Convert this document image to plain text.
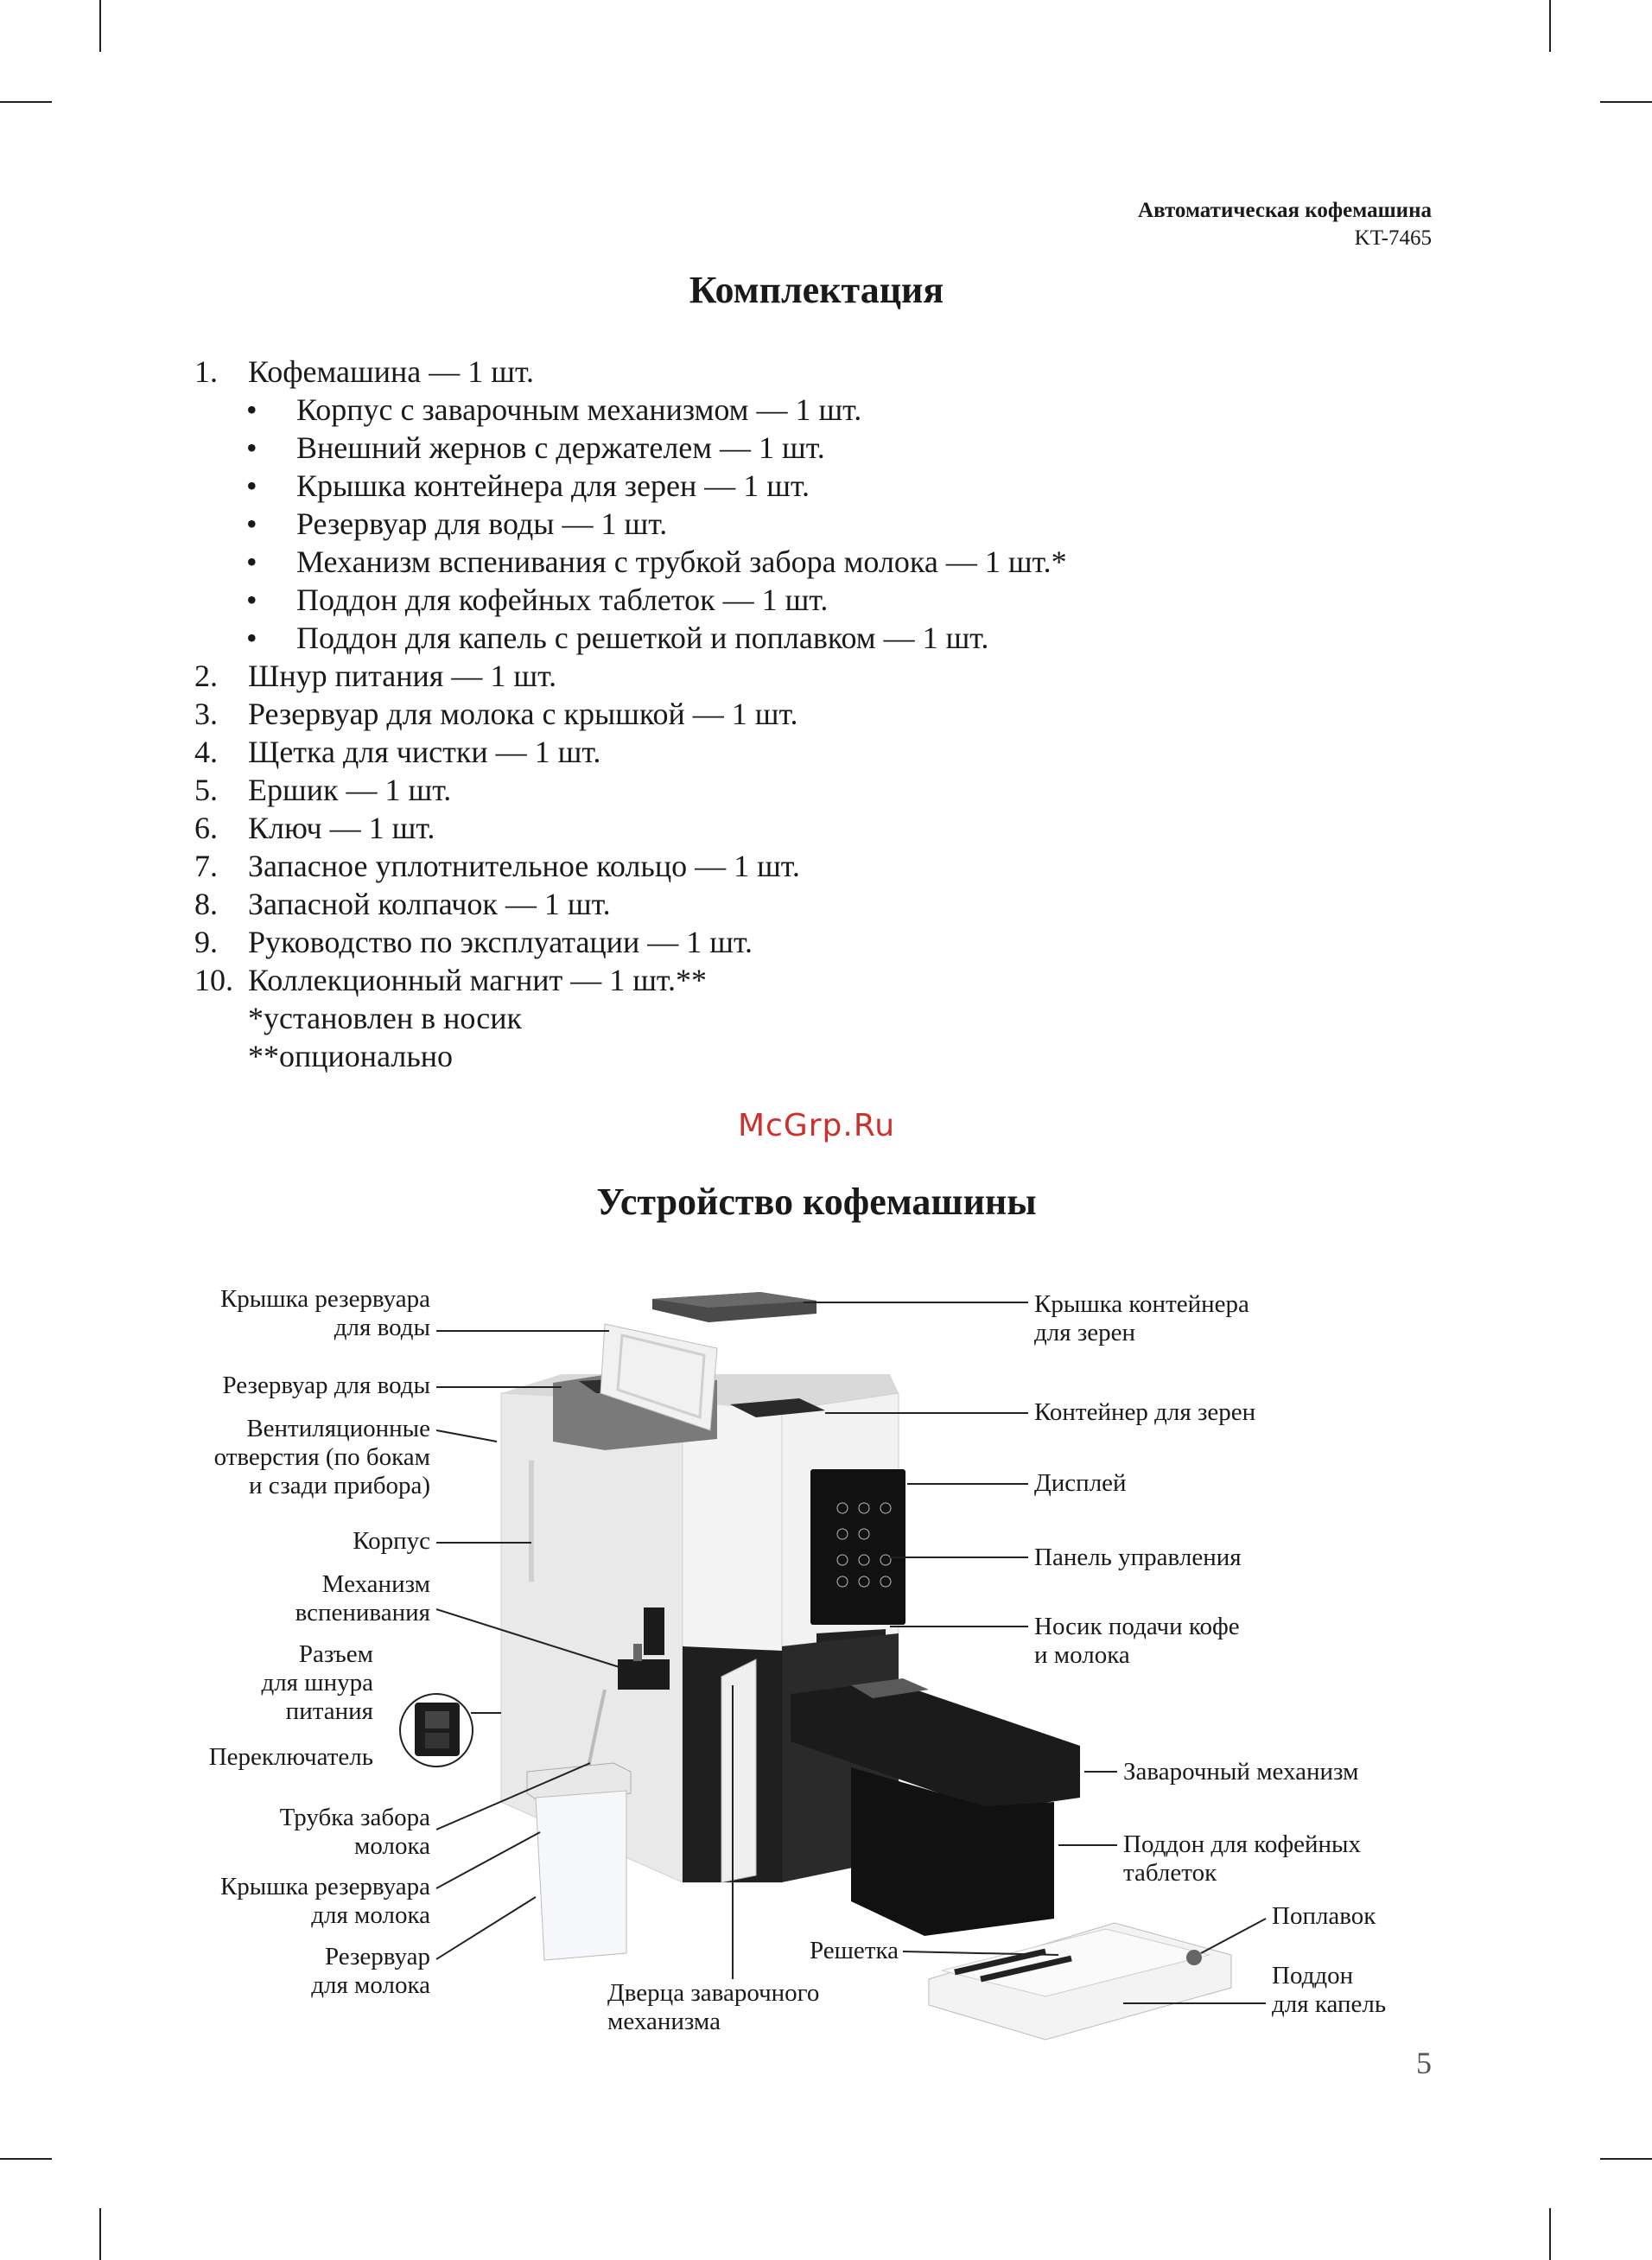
Автоматическая кофемашина
KT-7465
Комплектация
1. Кофемашина — 1 шт.
• Корпус с заварочным механизмом — 1 шт.
• Внешний жернов с держателем — 1 шт.
• Крышка контейнера для зерен — 1 шт.
• Резервуар для воды — 1 шт.
• Механизм вспенивания с трубкой забора молока — 1 шт.*
• Поддон для кофейных таблеток — 1 шт.
• Поддон для капель с решеткой и поплавком — 1 шт.
2. Шнур питания — 1 шт.
3. Резервуар для молока с крышкой — 1 шт.
4. Щетка для чистки — 1 шт.
5. Ершик — 1 шт.
6. Ключ — 1 шт.
7. Запасное уплотнительное кольцо — 1 шт.
8. Запасной колпачок — 1 шт.
9. Руководство по эксплуатации — 1 шт.
10. Коллекционный магнит — 1 шт.**
*установлен в носик
**опционально
McGrp.Ru
Устройство кофемашины
Крышка резервуара
для воды
Резервуар для воды
Вентиляционные
отверстия (по бокам
и сзади прибора)
Корпус
Механизм
вспенивания
Разъем
для шнура
питания
Переключатель
Трубка забора
молока
Крышка резервуара
для молока
Резервуар
для молока
Крышка контейнера
для зерен
Контейнер для зерен
Дисплей
Панель управления
Носик подачи кофе
и молока
Заварочный механизм
Поддон для кофейных
таблеток
Поплавок
Поддон
для капель
Решетка
Дверца заварочного
механизма
5
